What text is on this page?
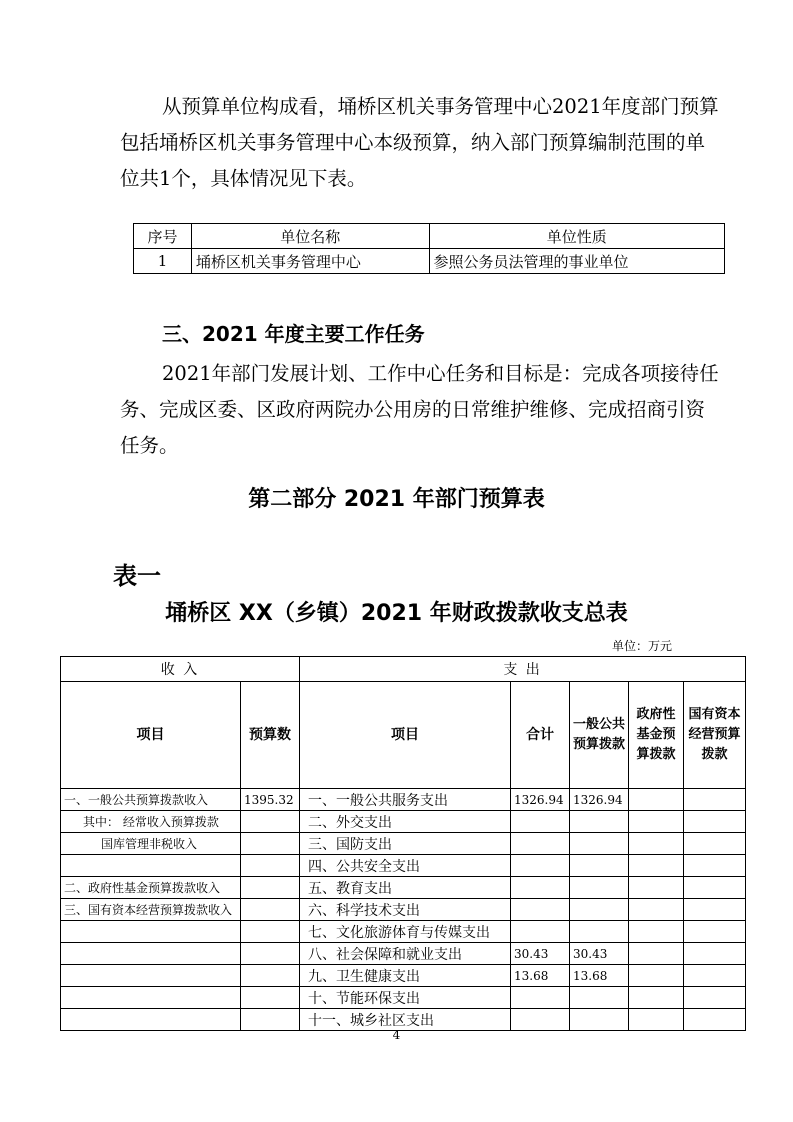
从预算单位构成看，埇桥区机关事务管理中心2021年度部门预算包括埇桥区机关事务管理中心本级预算，纳入部门预算编制范围的单位共1个，具体情况见下表。

序号	单位名称	单位性质
1	埇桥区机关事务管理中心	参照公务员法管理的事业单位
三、2021 年度主要工作任务

2021年部门发展计划、工作中心任务和目标是：完成各项接待任务、完成区委、区政府两院办公用房的日常维护维修、完成招商引资任务。

第二部分 2021 年部门预算表
表一
埇桥区 XX（乡镇）2021 年财政拨款收支总表
单位：万元
收 入		支 出				
项目	预算数	项目	合计	一般公共预算拨款	政府性基金预算拨款	国有资本经营预算拨款
一、一般公共预算拨款收入	1395.32	一、一般公共服务支出	1326.94	1326.94		
其中： 经常收入预算拨款		二、外交支出				
国库管理非税收入		三、国防支出				
		四、公共安全支出				
二、政府性基金预算拨款收入		五、教育支出				
三、国有资本经营预算拨款收入		六、科学技术支出				
		七、文化旅游体育与传媒支出				
		八、社会保障和就业支出	30.43	30.43		
		九、卫生健康支出	13.68	13.68		
		十、节能环保支出				
		十一、城乡社区支出				
4
